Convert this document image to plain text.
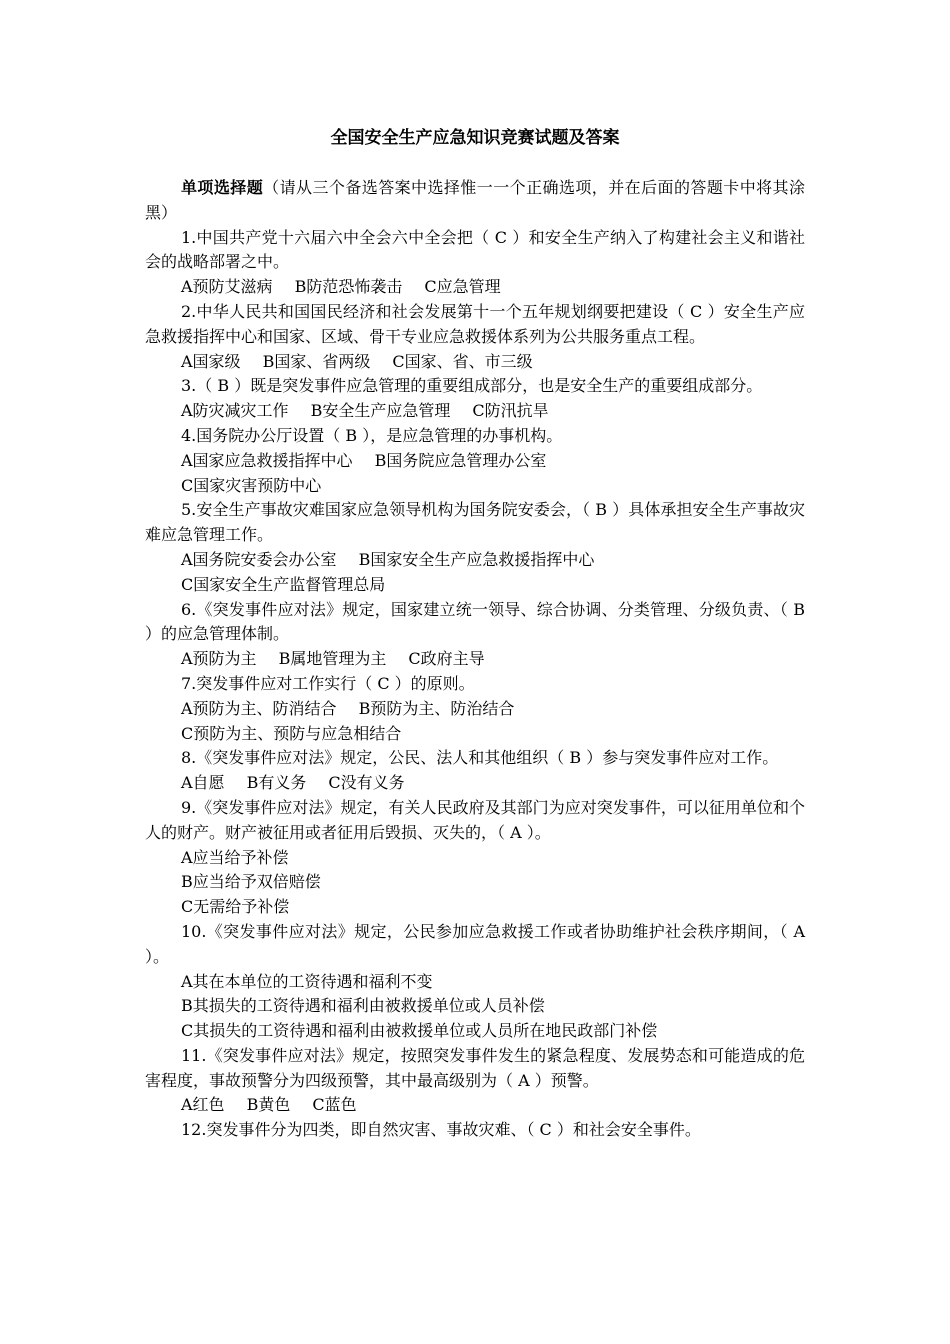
全国安全生产应急知识竞赛试题及答案

单项选择题（请从三个备选答案中选择惟一一个正确选项，并在后面的答题卡中将其涂黑）

1.中国共产党十六届六中全会六中全会把（ C ）和安全生产纳入了构建社会主义和谐社会的战略部署之中。

A预防艾滋病 B防范恐怖袭击 C应急管理

2.中华人民共和国国民经济和社会发展第十一个五年规划纲要把建设（ C ）安全生产应急救援指挥中心和国家、区域、骨干专业应急救援体系列为公共服务重点工程。

A国家级 B国家、省两级 C国家、省、市三级

3.（ B ）既是突发事件应急管理的重要组成部分，也是安全生产的重要组成部分。

A防灾减灾工作 B安全生产应急管理 C防汛抗旱

4.国务院办公厅设置（ B ），是应急管理的办事机构。

A国家应急救援指挥中心 B国务院应急管理办公室

C国家灾害预防中心

5.安全生产事故灾难国家应急领导机构为国务院安委会，（ B ）具体承担安全生产事故灾难应急管理工作。

A国务院安委会办公室 B国家安全生产应急救援指挥中心

C国家安全生产监督管理总局

6.《突发事件应对法》规定，国家建立统一领导、综合协调、分类管理、分级负责、（ B ）的应急管理体制。

A预防为主 B属地管理为主 C政府主导

7.突发事件应对工作实行（ C ）的原则。

A预防为主、防消结合 B预防为主、防治结合

C预防为主、预防与应急相结合

8.《突发事件应对法》规定，公民、法人和其他组织（ B ）参与突发事件应对工作。

A自愿 B有义务 C没有义务

9.《突发事件应对法》规定，有关人民政府及其部门为应对突发事件，可以征用单位和个人的财产。财产被征用或者征用后毁损、灭失的，（ A ）。

A应当给予补偿

B应当给予双倍赔偿

C无需给予补偿

10.《突发事件应对法》规定，公民参加应急救援工作或者协助维护社会秩序期间，（ A ）。

A其在本单位的工资待遇和福利不变

B其损失的工资待遇和福利由被救援单位或人员补偿

C其损失的工资待遇和福利由被救援单位或人员所在地民政部门补偿

11.《突发事件应对法》规定，按照突发事件发生的紧急程度、发展势态和可能造成的危害程度，事故预警分为四级预警，其中最高级别为（ A ）预警。

A红色 B黄色 C蓝色

12.突发事件分为四类，即自然灾害、事故灾难、（ C ）和社会安全事件。
